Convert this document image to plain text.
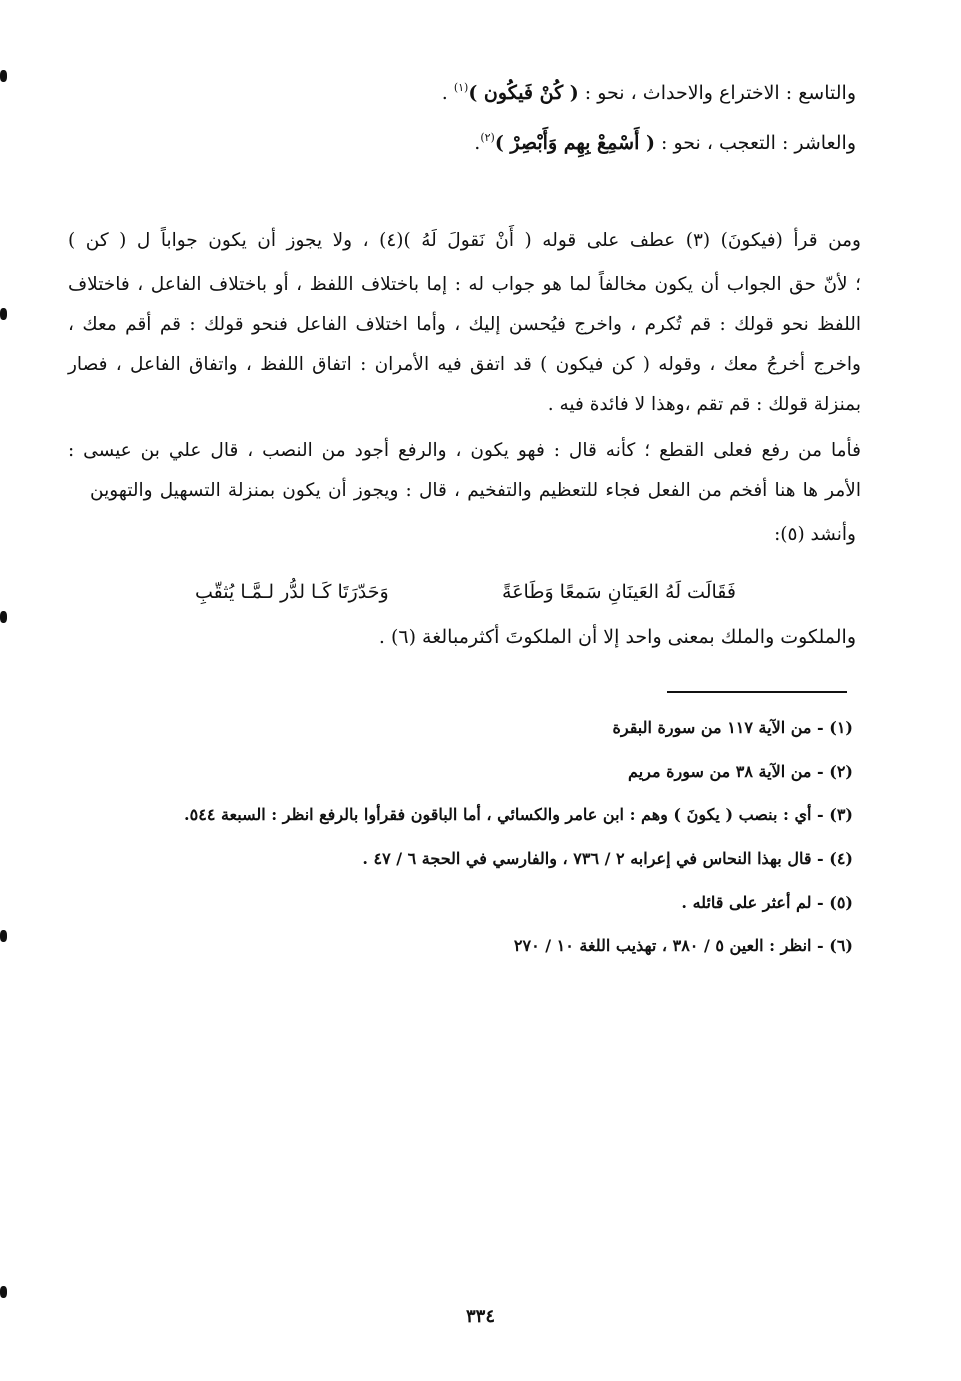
والتاسع : الاختراع والاحداث ، نحو : ( كُنْ فَيكُون )$^{(١)}$ .
والعاشر : التعجب ، نحو : ( أَسْمِعْ بِهِم وَأَبْصِرْ )$^{(٢)}$.
ومن قرأ (فيكونَ) (٣) عطف على قوله ( أَنْ نَقولَ لَهُ )(٤) ، ولا يجوز أن يكون جواباً ل ( كن )
؛ لأنّ حق الجواب أن يكون مخالفاً لما هو جواب له : إما باختلاف اللفظ ، أو باختلاف الفاعل ، فاختلاف
اللفظ نحو قولك : قم تُكرم ، واخرج فيُحسن إليك ، وأما اختلاف الفاعل فنحو قولك : قم أقم معك ،
واخرج أخرجُ معك ، وقوله ( كن فيكون ) قد اتفق فيه الأمران : اتفاق اللفظ ، واتفاق الفاعل ، فصار
بمنزلة قولك : قم تقم ،وهذا لا فائدة فيه .
فأما من رفع فعلى القطع ؛ كأنه قال : فهو يكون ، والرفع أجود من النصب ، قال علي بن عيسى :
الأمر ها هنا أفخم من الفعل فجاء للتعظيم والتفخيم ، قال : ويجوز أن يكون بمنزلة التسهيل والتهوين
وأنشد (٥):
فَقَالَت لَهُ العَينَانِ سَمعًا وَطَاعَةً
وَحَدّرَتَا كَـا لدُّر لـمَّـا يُثقّبِ
والملكوت والملك بمعنى واحد إلا أن الملكوتَ أكثرمبالغة (٦) .
(١) - من الآية ١١٧ من سورة البقرة
(٢) - من الآية ٣٨ من سورة مريم
(٣) - أي : بنصب ( يكونَ ) وهم : ابن عامر والكسائي ، أما الباقون فقرأوا بالرفع انظر : السبعة ٥٤٤.
(٤) - قال بهذا النحاس في إعرابه ٢ / ٧٣٦ ، والفارسي في الحجة ٦ / ٤٧ .
(٥) - لم أعثر على قائله .
(٦) - انظر : العين ٥ / ٣٨٠ ، تهذيب اللغة ١٠ / ٢٧٠
٣٣٤
